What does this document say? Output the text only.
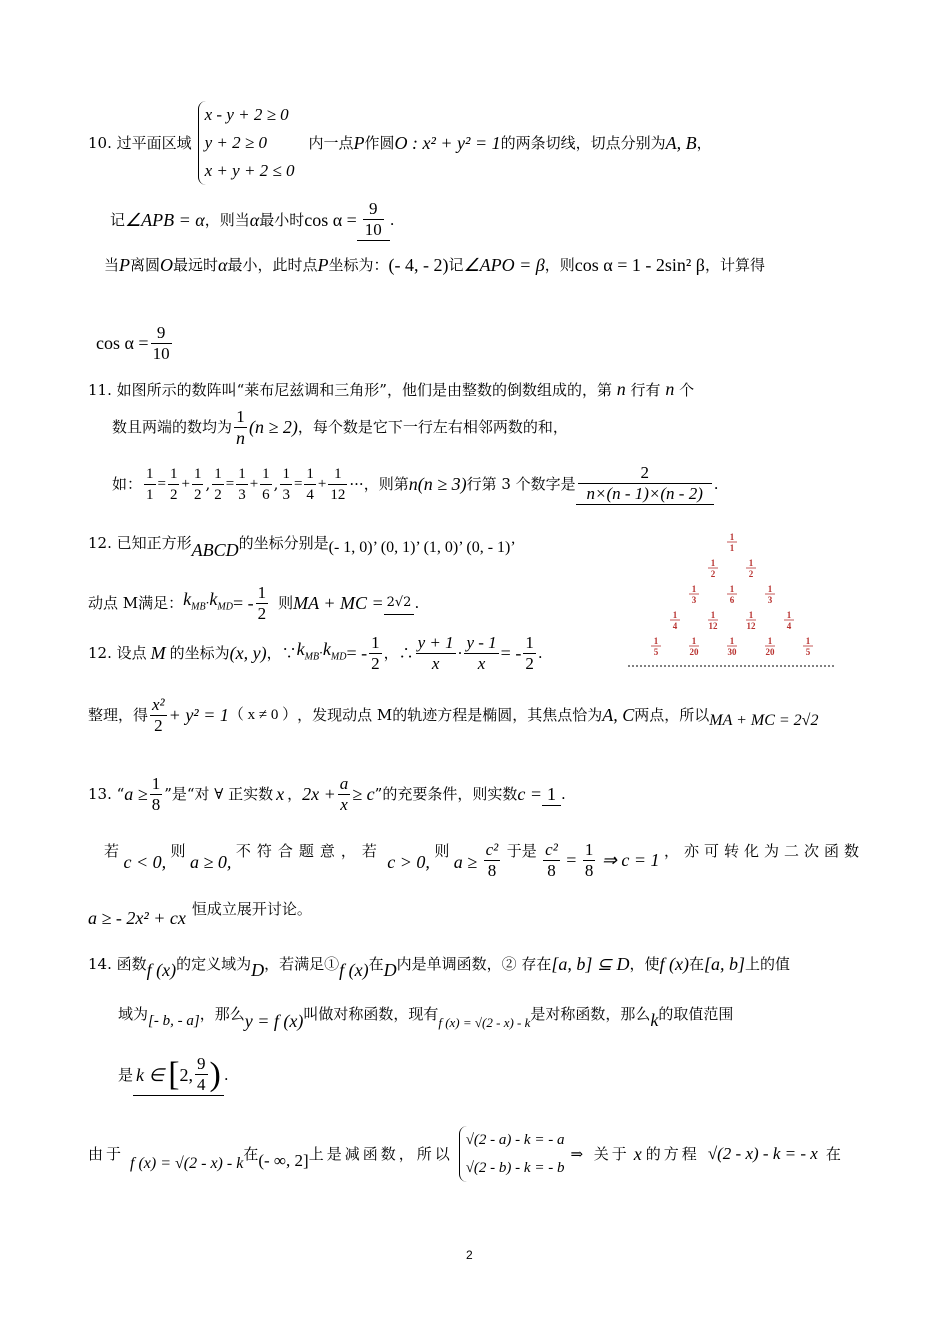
10. 过平面区域
x - y + 2 ≥ 0
y + 2 ≥ 0
x + y + 2 ≤ 0
内一点 P 作圆 O : x² + y² = 1 的两条切线，切点分别为 A, B ，
记 ∠APB = α ，则当 α 最小时 $\cos \alpha = \frac{9}{10}$ .
当 P 离圆 O 最远时 α 最小，此时点 P 坐标为： (- 4, - 2) 记 ∠APO = β ，则 cos α = 1 - 2sin² β ，计算得
$\cos \alpha = \frac{9}{10}$
11. 如图所示的数阵叫“莱布尼兹调和三角形”，他们是由整数的倒数组成的，第 n 行有 n 个
数且两端的数均为 $\frac{1}{n} (n \ge 2)$ ，每个数是它下一行左右相邻两数的和，
如： $\frac{1}{1} = \frac{1}{2} + \frac{1}{2}$ , $\frac{1}{2} = \frac{1}{3} + \frac{1}{6}$ , $\frac{1}{3} = \frac{1}{4} + \frac{1}{12}$ ··· ，则第 n(n ≥ 3) 行第 3 个数字是 $\frac{2}{n\times(n - 1)\times(n - 2)}$ .
1
1
1
2
1
2
1
3
1
6
1
3
1
4
1
12
1
12
1
4
1
5
1
20
1
30
1
20
1
5
12. 已知正方形 ABCD 的坐标分别是 (- 1, 0)’ (0, 1)’ (1, 0)’ (0, - 1)’
动点 M满足： $k_{MB} \cdot k_{MD}$ = - $\frac{1}{2}$ 则 MA + MC = 2√2 .
12. 设点 M 的坐标为 (x, y) ，∵ $k_{MB} \cdot k_{MD}$ = - $\frac{1}{2}$ ，∴ $\frac{y + 1}{x} \cdot \frac{y - 1}{x}$ = - $\frac{1}{2}$ .
整理，得 $\frac{\text{x²}}{2} + y^2 = 1$ （ x ≠ 0 ） ，发现动点 M的轨迹方程是椭圆，其焦点恰为 A, C 两点，所以 MA + MC = 2√2
13. “ $a \ge \frac{1}{8}$ ”是“对 ∀ 正实数 x ， $2x + \frac{a}{x} \ge c$ ”的充要条件，则实数 c = 1 .
若
c < 0,
则
a ≥ 0,
不符合题意，若
c > 0,
则
$a \ge \frac{\text{c²}}{8}$ 于是 $\frac{\text{c²}}{8} = \frac{1}{8}$ ⇒ c = 1 ，亦可转化为二次函数
a ≥ - 2x² + cx 恒成立展开讨论。
14. 函数 f (x) 的定义域为 D ，若满足① f (x) 在 D 内是单调函数，② 存在 [a, b] ⊆ D ，使 f (x) 在 [a, b] 上的值
域为 [- b, - a] ，那么 y = f (x) 叫做对称函数，现有 f (x) = √(2 - x) - k 是对称函数，那么 k 的取值范围
是 k ∈ [ 2, $\frac{9}{4}$ ) .
由于
f (x) = √(2 - x) - k
在 (- ∞, 2] 上是减函数，所以
√(2 - a) - k = - a
√(2 - b) - k = - b
⇒ 关于 x 的方程 √(2 - x) - k = - x 在
2
